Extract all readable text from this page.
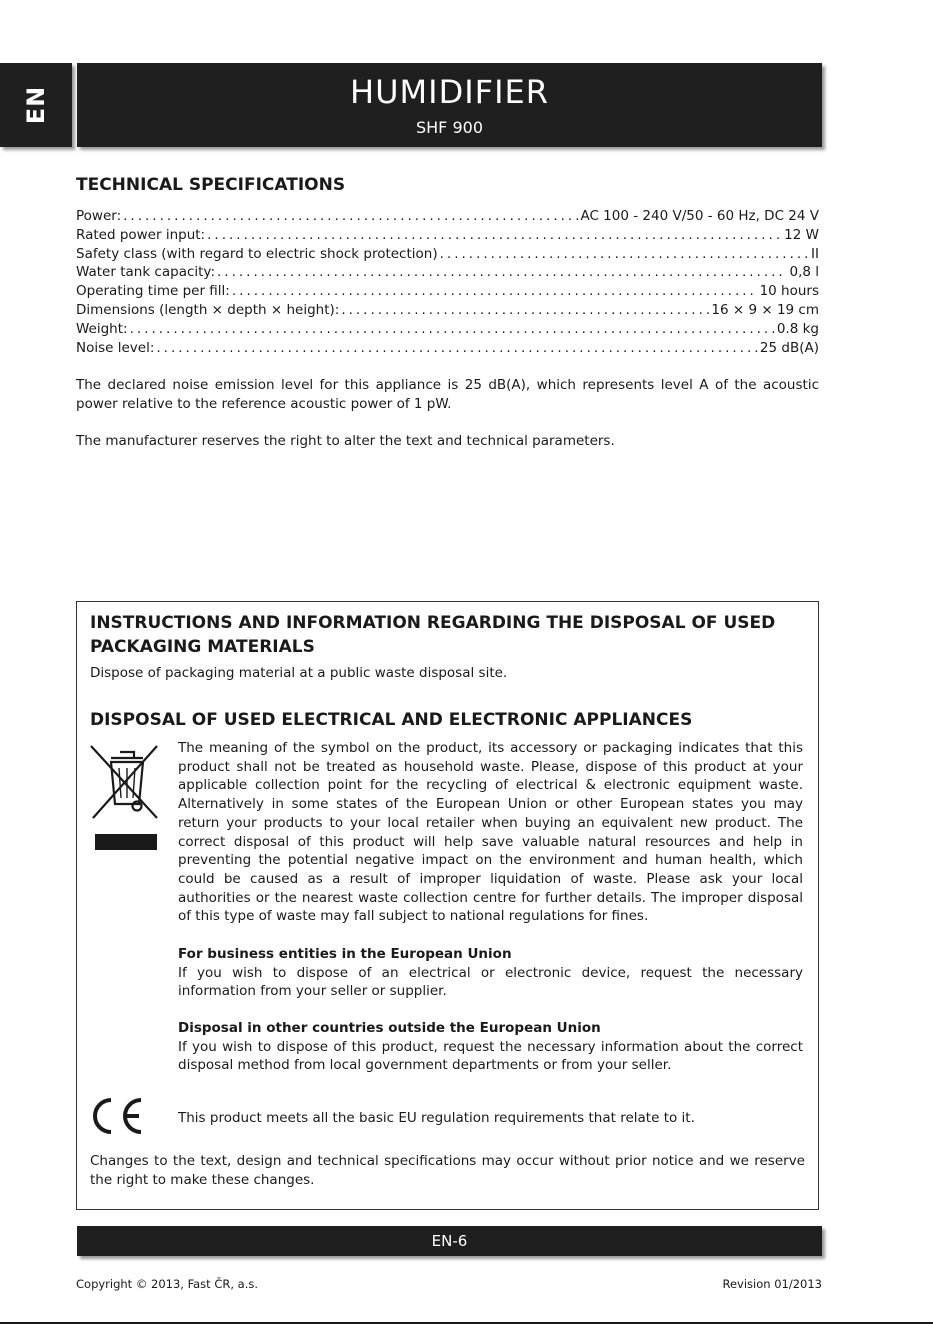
EN	HUMIDIFIER
SHF 900
TECHNICAL SPECIFICATIONS
Power: .....	AC 100 - 240 V/50 - 60 Hz, DC 24 V
Rated power input: .....	12 W
Safety class (with regard to electric shock protection) .....	II
Water tank capacity: .....	0,8 l
Operating time per fill: .....	10 hours
Dimensions (length × depth × height): .....	16 × 9 × 19 cm
Weight: .....	0.8 kg
Noise level: .....	25 dB(A)
The declared noise emission level for this appliance is 25 dB(A), which represents level A of the acoustic power relative to the reference acoustic power of 1 pW.
The manufacturer reserves the right to alter the text and technical parameters.
INSTRUCTIONS AND INFORMATION REGARDING THE DISPOSAL OF USED PACKAGING MATERIALS
Dispose of packaging material at a public waste disposal site.
DISPOSAL OF USED ELECTRICAL AND ELECTRONIC APPLIANCES
The meaning of the symbol on the product, its accessory or packaging indicates that this product shall not be treated as household waste. Please, dispose of this product at your applicable collection point for the recycling of electrical & electronic equipment waste. Alternatively in some states of the European Union or other European states you may return your products to your local retailer when buying an equivalent new product. The correct disposal of this product will help save valuable natural resources and help in preventing the potential negative impact on the environment and human health, which could be caused as a result of improper liquidation of waste. Please ask your local authorities or the nearest waste collection centre for further details. The improper disposal of this type of waste may fall subject to national regulations for fines.
For business entities in the European Union
If you wish to dispose of an electrical or electronic device, request the necessary information from your seller or supplier.
Disposal in other countries outside the European Union
If you wish to dispose of this product, request the necessary information about the correct disposal method from local government departments or from your seller.
This product meets all the basic EU regulation requirements that relate to it.
Changes to the text, design and technical specifications may occur without prior notice and we reserve the right to make these changes.
EN-6
Copyright © 2013, Fast ČR, a.s.	Revision 01/2013
